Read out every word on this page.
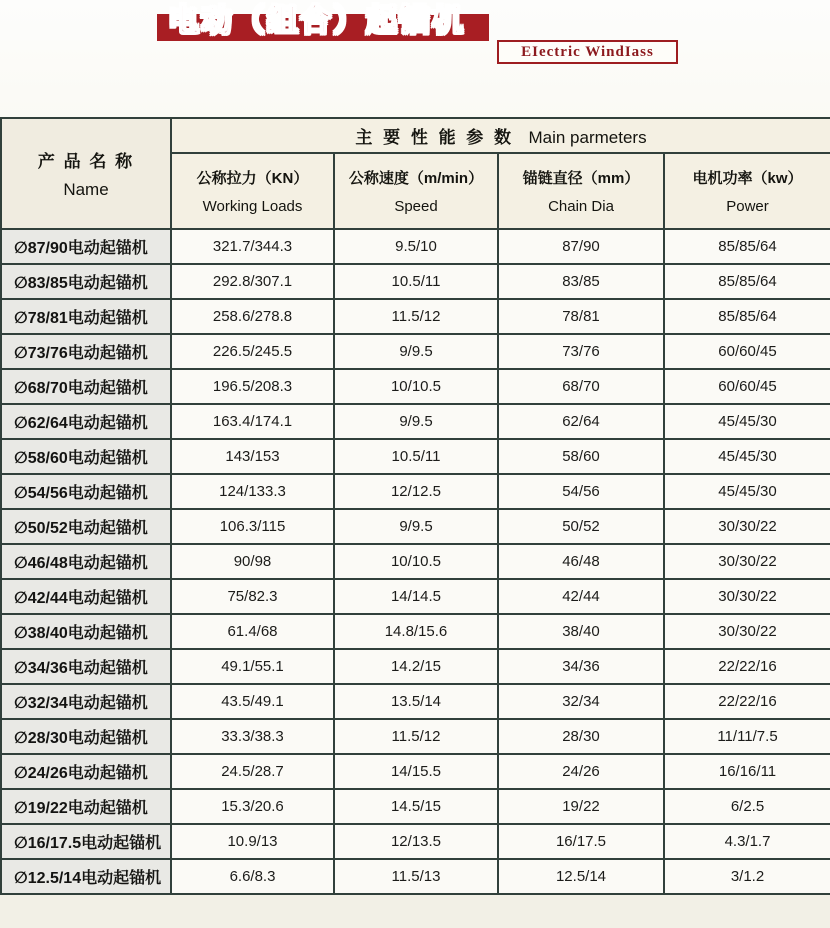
电动（组合）起锚机
EIectric WindIass
产 品 名 称
Name	主 要 性 能 参 数 Main parmeters			

公称拉力（KN）
Working Loads

公称速度（m/min）
Speed

锚链直径（mm）
Chain Dia

电机功率（kw）
Power

∅87/90电动起锚机	321.7/344.3	9.5/10	87/90	85/85/64
∅83/85电动起锚机	292.8/307.1	10.5/11	83/85	85/85/64
∅78/81电动起锚机	258.6/278.8	11.5/12	78/81	85/85/64
∅73/76电动起锚机	226.5/245.5	9/9.5	73/76	60/60/45
∅68/70电动起锚机	196.5/208.3	10/10.5	68/70	60/60/45
∅62/64电动起锚机	163.4/174.1	9/9.5	62/64	45/45/30
∅58/60电动起锚机	143/153	10.5/11	58/60	45/45/30
∅54/56电动起锚机	124/133.3	12/12.5	54/56	45/45/30
∅50/52电动起锚机	106.3/115	9/9.5	50/52	30/30/22
∅46/48电动起锚机	90/98	10/10.5	46/48	30/30/22
∅42/44电动起锚机	75/82.3	14/14.5	42/44	30/30/22
∅38/40电动起锚机	61.4/68	14.8/15.6	38/40	30/30/22
∅34/36电动起锚机	49.1/55.1	14.2/15	34/36	22/22/16
∅32/34电动起锚机	43.5/49.1	13.5/14	32/34	22/22/16
∅28/30电动起锚机	33.3/38.3	11.5/12	28/30	11/11/7.5
∅24/26电动起锚机	24.5/28.7	14/15.5	24/26	16/16/11
∅19/22电动起锚机	15.3/20.6	14.5/15	19/22	6/2.5
∅16/17.5电动起锚机	10.9/13	12/13.5	16/17.5	4.3/1.7
∅12.5/14电动起锚机	6.6/8.3	11.5/13	12.5/14	3/1.2
